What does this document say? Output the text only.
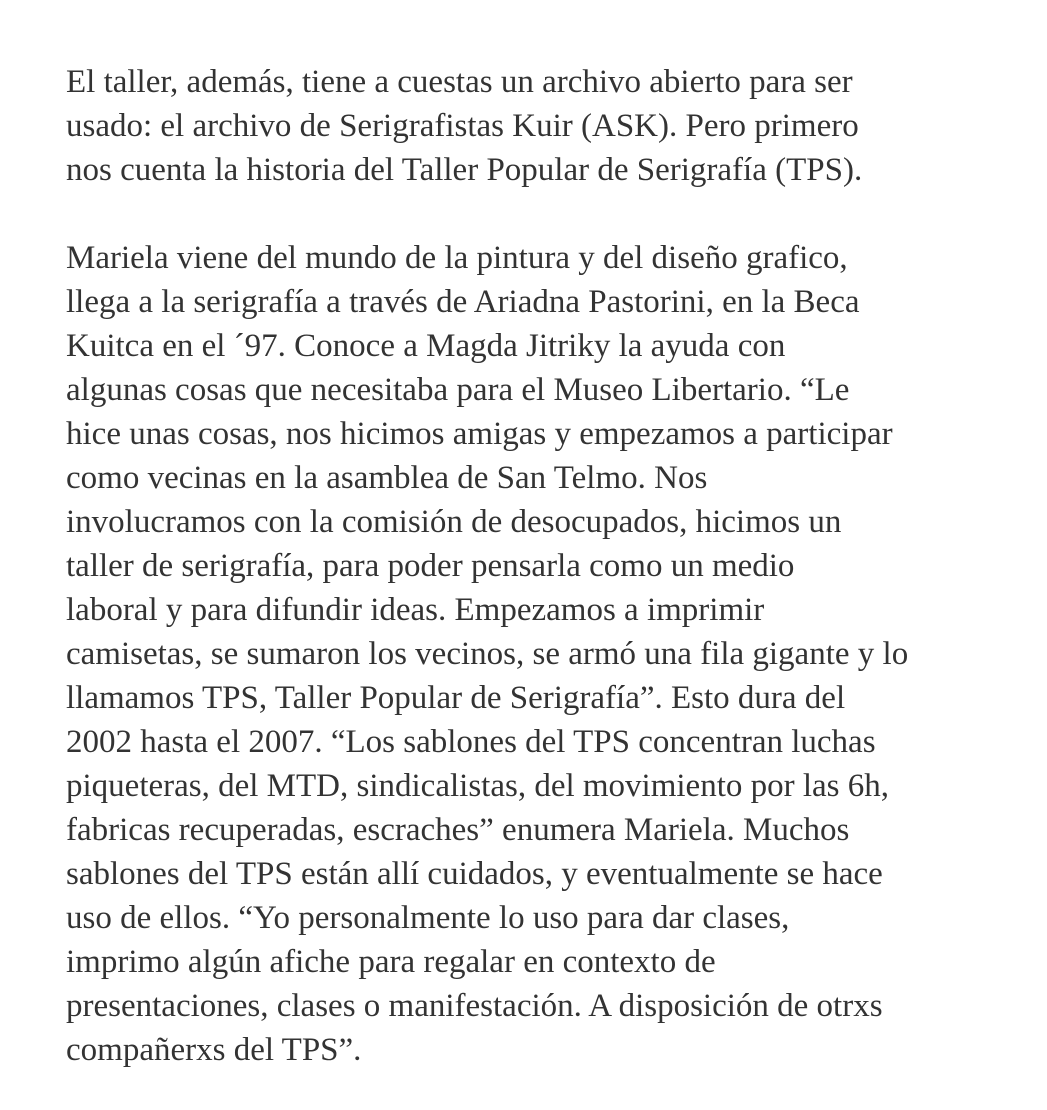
El taller, además, tiene a cuestas un archivo abierto para ser
usado: el archivo de Serigrafistas Kuir (ASK). Pero primero
nos cuenta la historia del Taller Popular de Serigrafía (TPS).

Mariela viene del mundo de la pintura y del diseño grafico,
llega a la serigrafía a través de Ariadna Pastorini, en la Beca
Kuitca en el ´97. Conoce a Magda Jitriky la ayuda con
algunas cosas que necesitaba para el Museo Libertario. “Le
hice unas cosas, nos hicimos amigas y empezamos a participar
como vecinas en la asamblea de San Telmo. Nos
involucramos con la comisión de desocupados, hicimos un
taller de serigrafía, para poder pensarla como un medio
laboral y para difundir ideas. Empezamos a imprimir
camisetas, se sumaron los vecinos, se armó una fila gigante y lo
llamamos TPS, Taller Popular de Serigrafía”. Esto dura del
2002 hasta el 2007. “Los sablones del TPS concentran luchas
piqueteras, del MTD, sindicalistas, del movimiento por las 6h,
fabricas recuperadas, escraches” enumera Mariela. Muchos
sablones del TPS están allí cuidados, y eventualmente se hace
uso de ellos. “Yo personalmente lo uso para dar clases,
imprimo algún afiche para regalar en contexto de
presentaciones, clases o manifestación. A disposición de otrxs
compañerxs del TPS”.
